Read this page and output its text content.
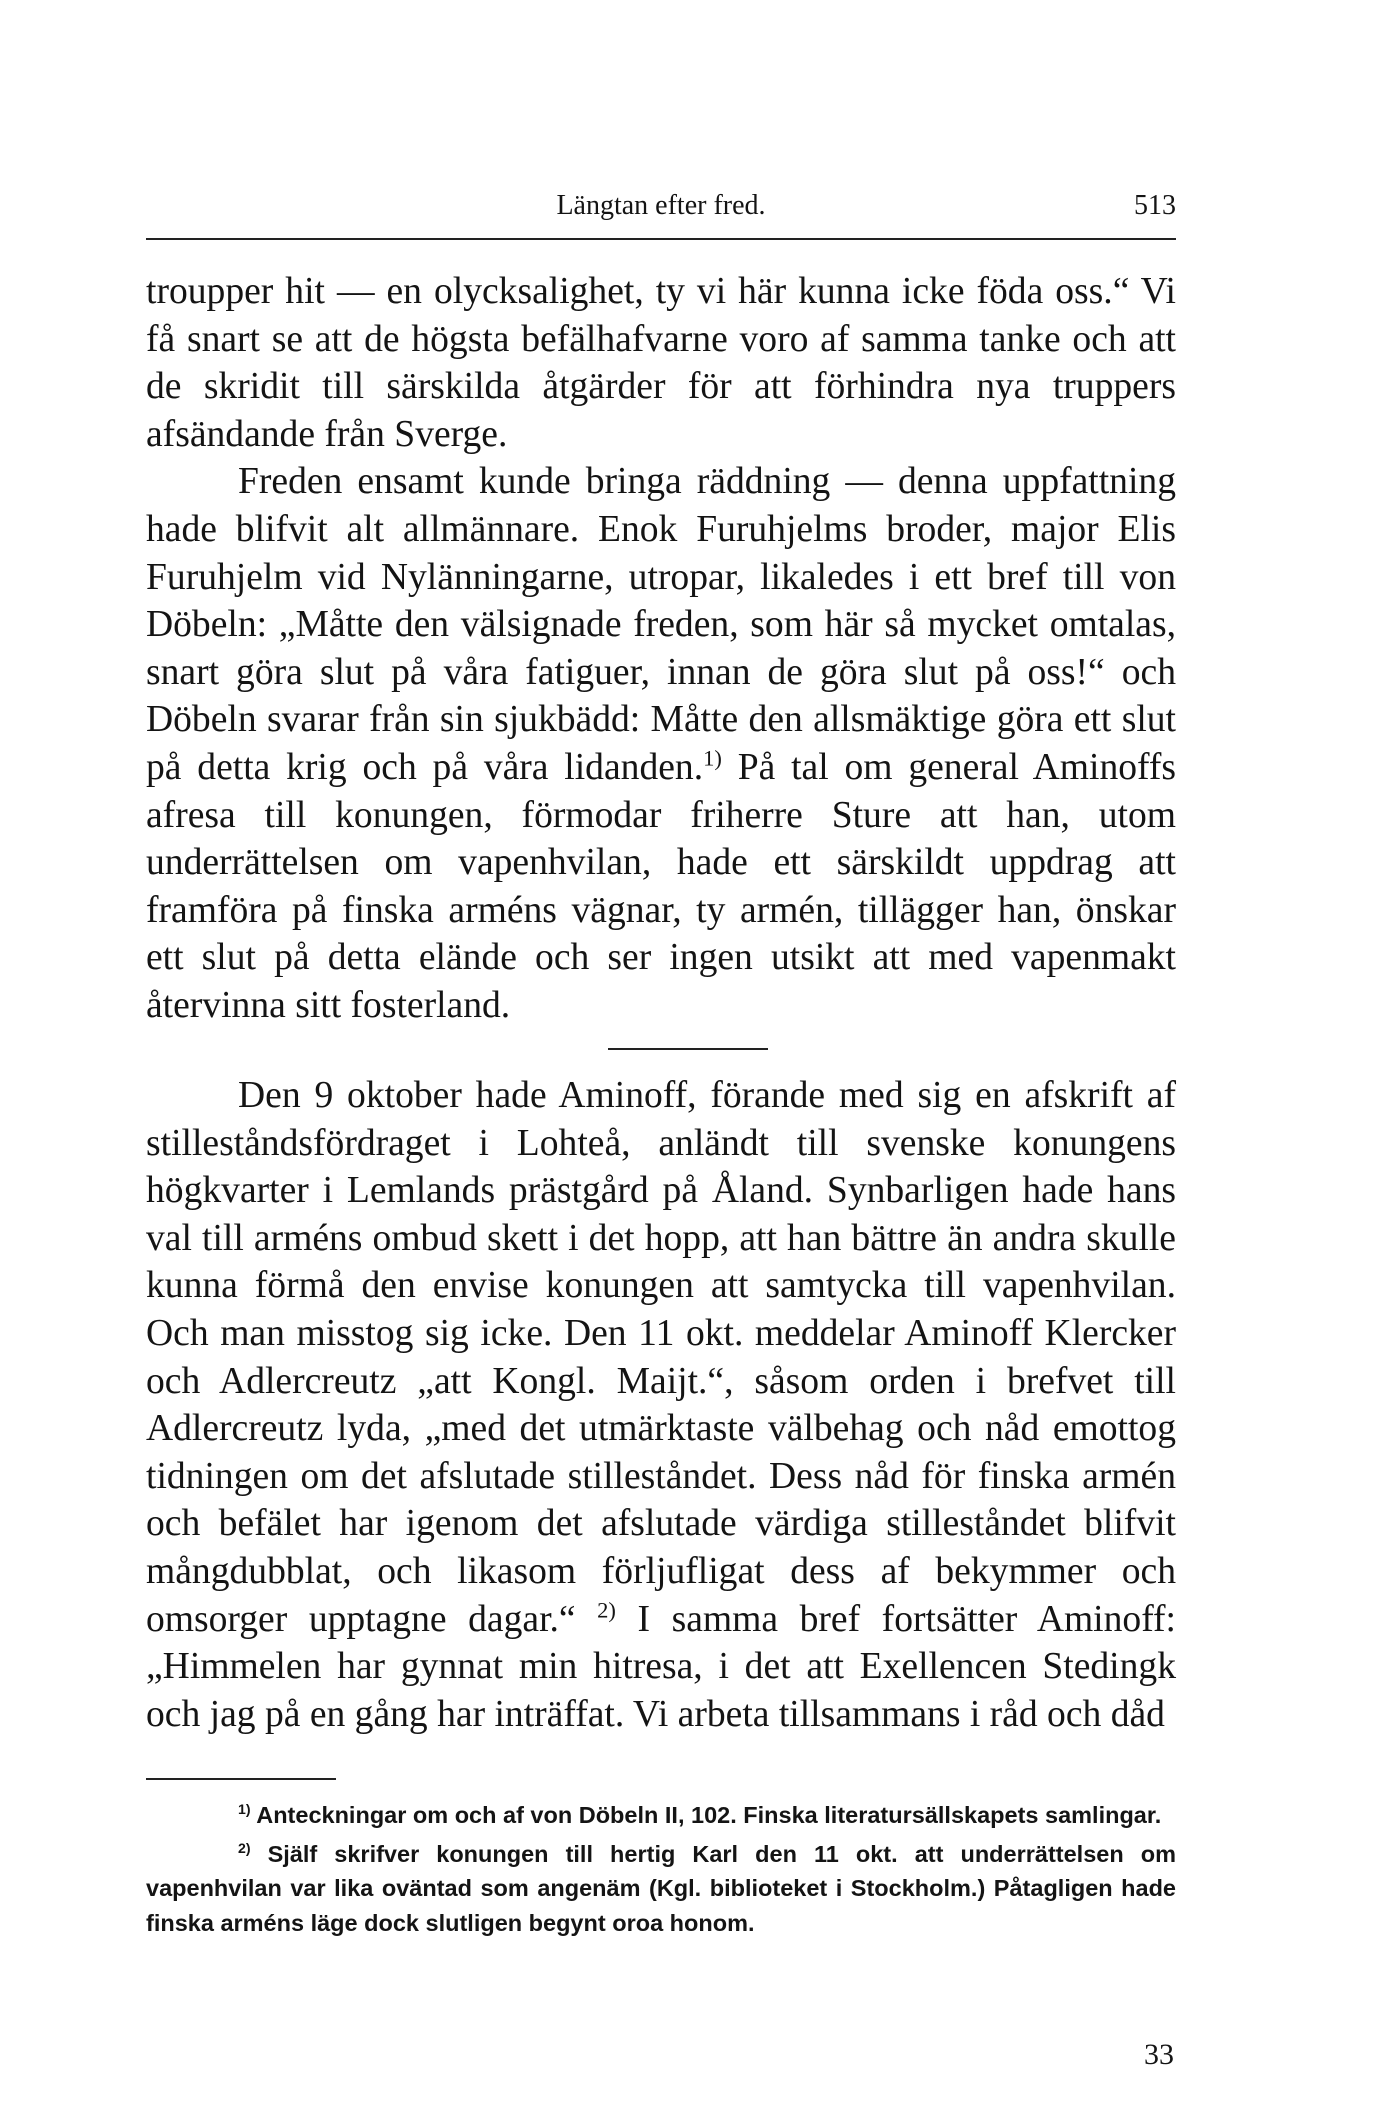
Längtan efter fred.	513

troupper hit — en olycksalighet, ty vi här kunna icke föda oss.“ Vi få snart se att de högsta befälhafvarne voro af samma tanke och att de skridit till särskilda åtgärder för att förhindra nya truppers afsändande från Sverge.

Freden ensamt kunde bringa räddning — denna uppfattning hade blifvit alt allmännare. Enok Furuhjelms broder, major Elis Furuhjelm vid Nylänningarne, utropar, likaledes i ett bref till von Döbeln: „Måtte den välsignade freden, som här så mycket omtalas, snart göra slut på våra fatiguer, innan de göra slut på oss!“ och Döbeln svarar från sin sjukbädd: Måtte den allsmäktige göra ett slut på detta krig och på våra lidanden.$^{1)}$ På tal om general Aminoffs afresa till konungen, förmodar friherre Sture att han, utom underrättelsen om vapenhvilan, hade ett särskildt uppdrag att framföra på finska arméns vägnar, ty armén, tillägger han, önskar ett slut på detta elände och ser ingen utsikt att med vapenmakt återvinna sitt fosterland.

Den 9 oktober hade Aminoff, förande med sig en afskrift af stilleståndsfördraget i Lohteå, anländt till svenske konungens högkvarter i Lemlands prästgård på Åland. Synbarligen hade hans val till arméns ombud skett i det hopp, att han bättre än andra skulle kunna förmå den envise konungen att samtycka till vapenhvilan. Och man misstog sig icke. Den 11 okt. meddelar Aminoff Klercker och Adlercreutz „att Kongl. Maijt.“, såsom orden i brefvet till Adlercreutz lyda, „med det utmärktaste välbehag och nåd emottog tidningen om det afslutade stilleståndet. Dess nåd för finska armén och befälet har igenom det afslutade värdiga stilleståndet blifvit mångdubblat, och likasom förljufligat dess af bekymmer och omsorger upptagne dagar.“ $^{2)}$ I samma bref fortsätter Aminoff: „Himmelen har gynnat min hitresa, i det att Exellencen Stedingk och jag på en gång har inträffat. Vi arbeta tillsammans i råd och dåd

$^{1)}$ Anteckningar om och af von Döbeln II, 102. Finska literatursällskapets samlingar.

$^{2)}$ Själf skrifver konungen till hertig Karl den 11 okt. att underrättelsen om vapenhvilan var lika oväntad som angenäm (Kgl. biblioteket i Stockholm.) Påtagligen hade finska arméns läge dock slutligen begynt oroa honom.

33
